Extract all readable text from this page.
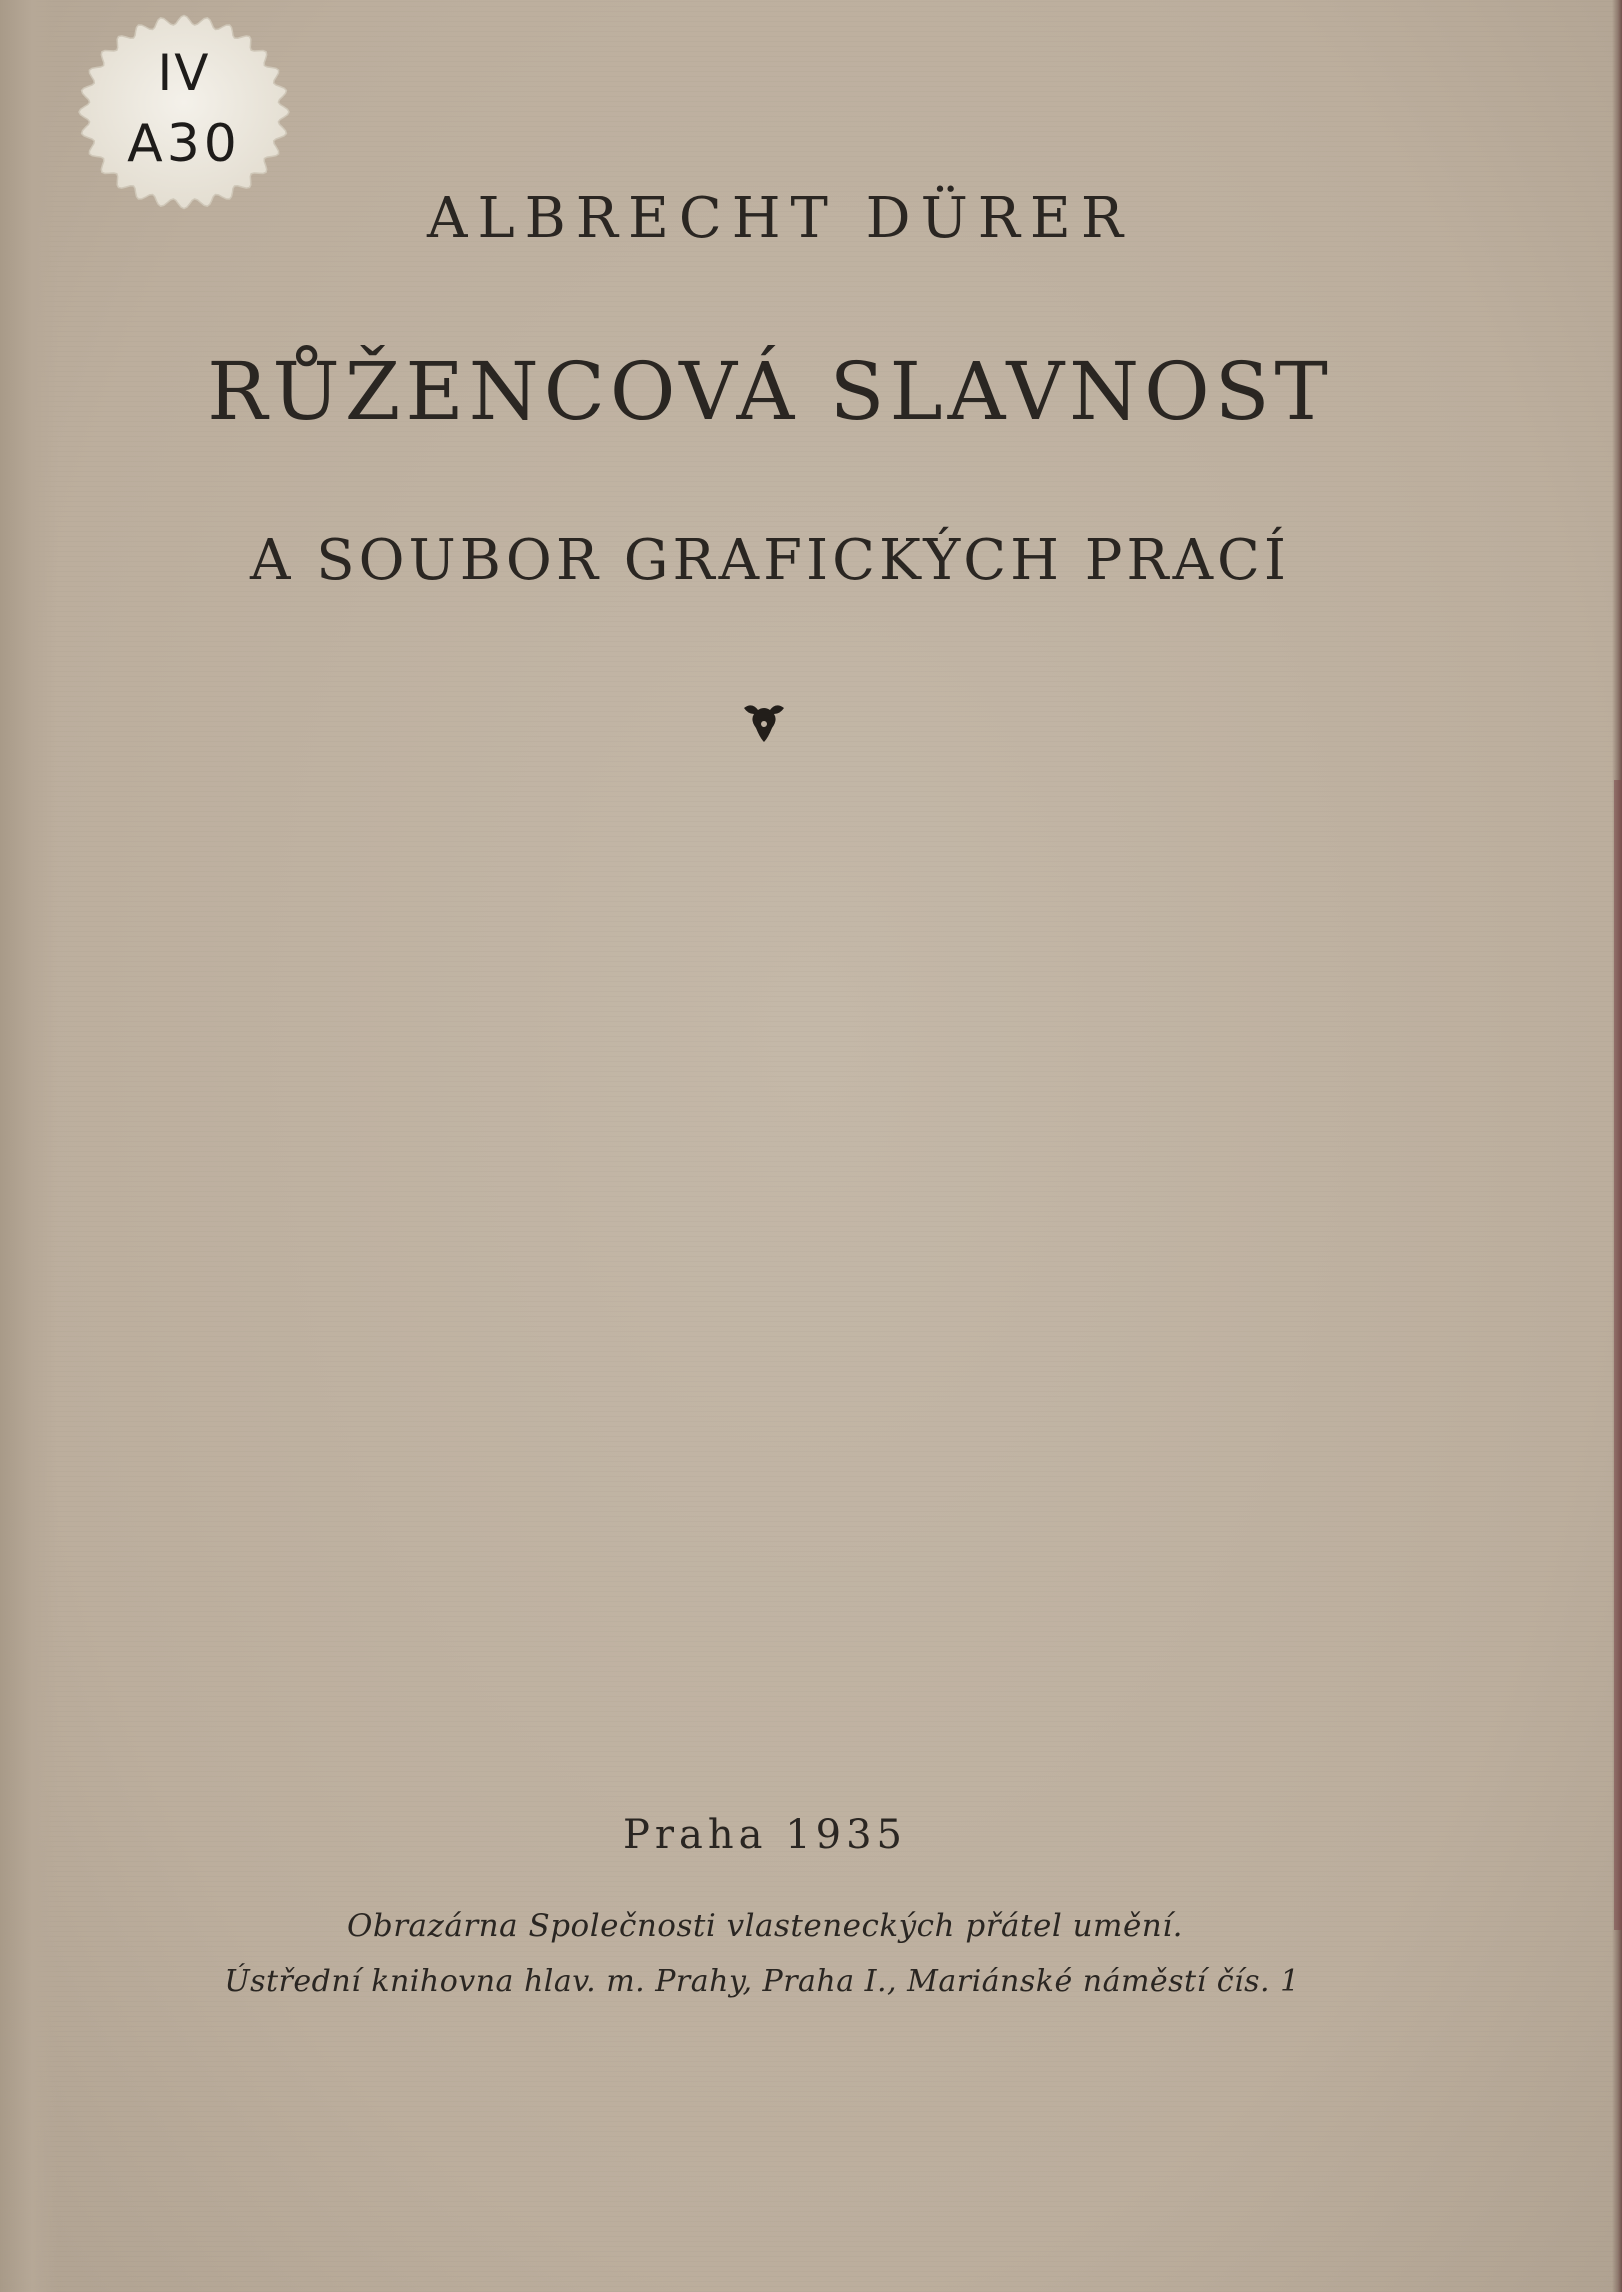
IV
A30
ALBRECHT DÜRER
RŮŽENCOVÁ SLAVNOST
A SOUBOR GRAFICKÝCH PRACÍ
Praha 1935
Obrazárna Společnosti vlasteneckých přátel umění.
Ústřední knihovna hlav. m. Prahy, Praha I., Mariánské náměstí čís. 1
